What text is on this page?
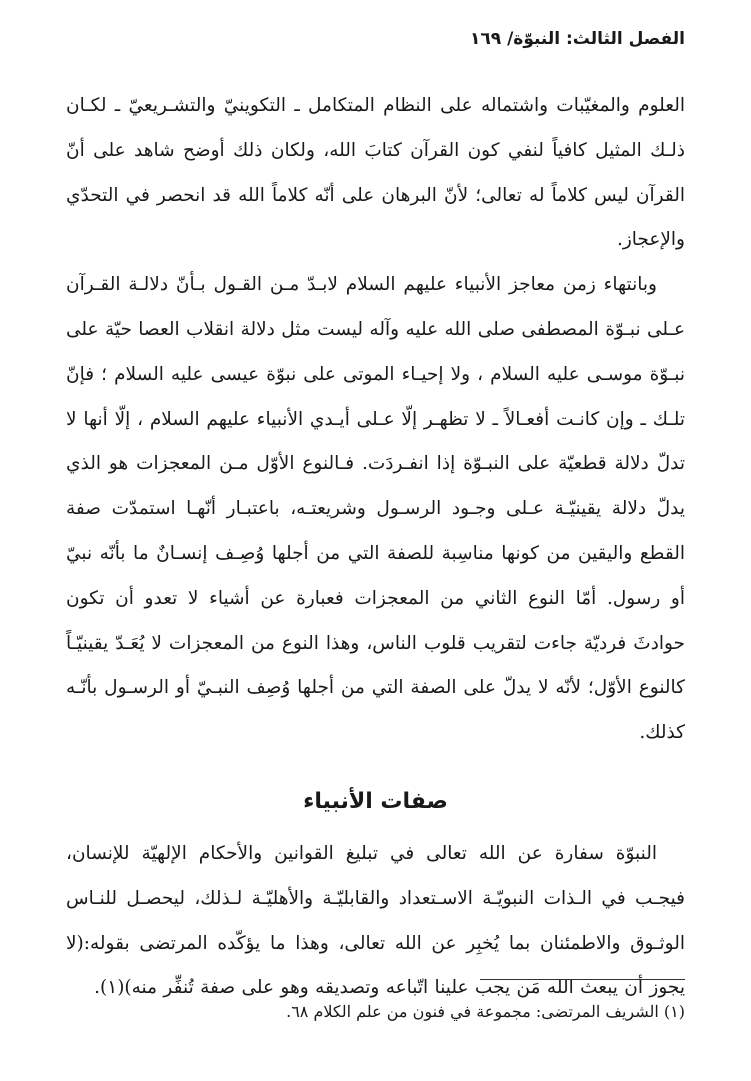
الفصل الثالث: النبوّة/ ١٦٩

العلوم والمغيّبات واشتماله على النظام المتكامل ـ التكوينيّ والتشـريعيّ ـ لكـان ذلـك المثيل كافياً لنفي كون القرآن كتابَ الله، ولكان ذلك أوضح شاهد على أنّ القرآن ليس كلاماً له تعالى؛ لأنّ البرهان على أنّه كلاماً الله قد انحصر في التحدّي والإعجاز.

وبانتهاء زمن معاجز الأنبياء عليهم السلام لابـدّ مـن القـول بـأنّ دلالـة القـرآن عـلى نبـوّة المصطفى صلى الله عليه وآله ليست مثل دلالة انقلاب العصا حيّة على نبـوّة موسـى عليه السلام ، ولا إحيـاء الموتى على نبوّة عيسى عليه السلام ؛ فإنّ تلـك ـ وإن كانـت أفعـالاً ـ لا تظهـر إلّا عـلى أيـدي الأنبياء عليهم السلام ، إلّا أنها لا تدلّ دلالة قطعيّة على النبـوّة إذا انفـردَت. فـالنوع الأوّل مـن المعجزات هو الذي يدلّ دلالة يقينيّـة عـلى وجـود الرسـول وشريعتـه، باعتبـار أنّهـا استمدّت صفة القطع واليقين من كونها مناسِبة للصفة التي من أجلها وُصِـف إنسـانٌ ما بأنّه نبيّ أو رسول. أمّا النوع الثاني من المعجزات فعبارة عن أشياء لا تعدو أن تكون حوادثَ فرديّة جاءت لتقريب قلوب الناس، وهذا النوع من المعجزات لا يُعَـدّ يقينيّـاً كالنوع الأوّل؛ لأنّه لا يدلّ على الصفة التي من أجلها وُصِف النبـيّ أو الرسـول بأنّـه كذلك.

صفات الأنبياء

النبوّة سفارة عن الله تعالى في تبليغ القوانين والأحكام الإلهيّة للإنسان، فيجـب في الـذات النبويّـة الاسـتعداد والقابليّـة والأهليّـة لـذلك، ليحصـل للنـاس الوثـوق والاطمئنان بما يُخبِر عن الله تعالى، وهذا ما يؤكّده المرتضى بقوله:(لا يجوز أن يبعث الله مَن يجب علينا اتّباعه وتصديقه وهو على صفة تُنفِّر منه)(١).

(١) الشريف المرتضى: مجموعة في فنون من علم الكلام ٦٨.
